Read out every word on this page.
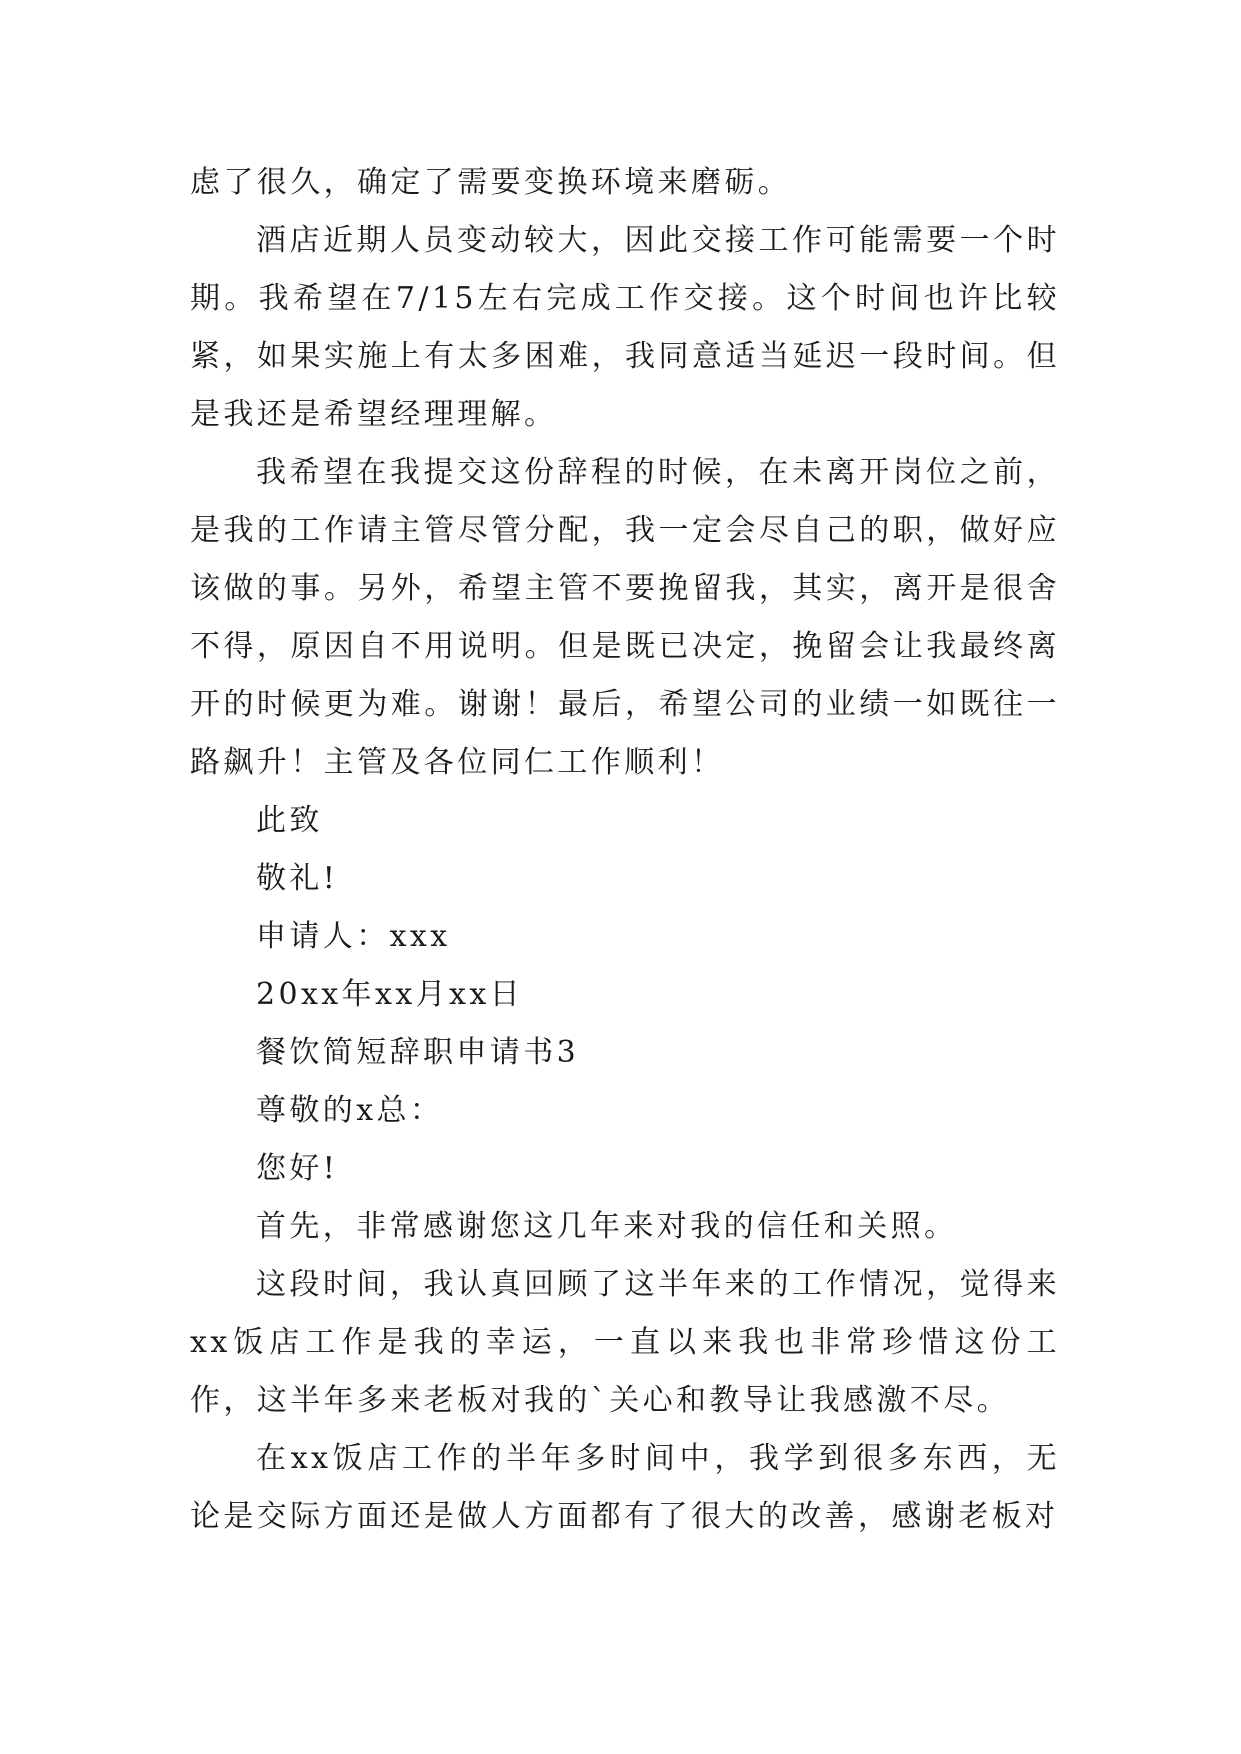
虑了很久，确定了需要变换环境来磨砺。

酒店近期人员变动较大，因此交接工作可能需要一个时期。我希望在7/15左右完成工作交接。这个时间也许比较紧，如果实施上有太多困难，我同意适当延迟一段时间。但是我还是希望经理理解。

我希望在我提交这份辞程的时候，在未离开岗位之前，是我的工作请主管尽管分配，我一定会尽自己的职，做好应该做的事。另外，希望主管不要挽留我，其实，离开是很舍不得，原因自不用说明。但是既已决定，挽留会让我最终离开的时候更为难。谢谢！最后，希望公司的业绩一如既往一路飙升！主管及各位同仁工作顺利！

此致

敬礼!

申请人：xxx

20xx年xx月xx日

餐饮简短辞职申请书3

尊敬的x总：

您好!

首先，非常感谢您这几年来对我的信任和关照。

这段时间，我认真回顾了这半年来的工作情况，觉得来xx饭店工作是我的幸运，一直以来我也非常珍惜这份工作，这半年多来老板对我的`关心和教导让我感激不尽。

在xx饭店工作的半年多时间中，我学到很多东西，无论是交际方面还是做人方面都有了很大的改善，感谢老板对
